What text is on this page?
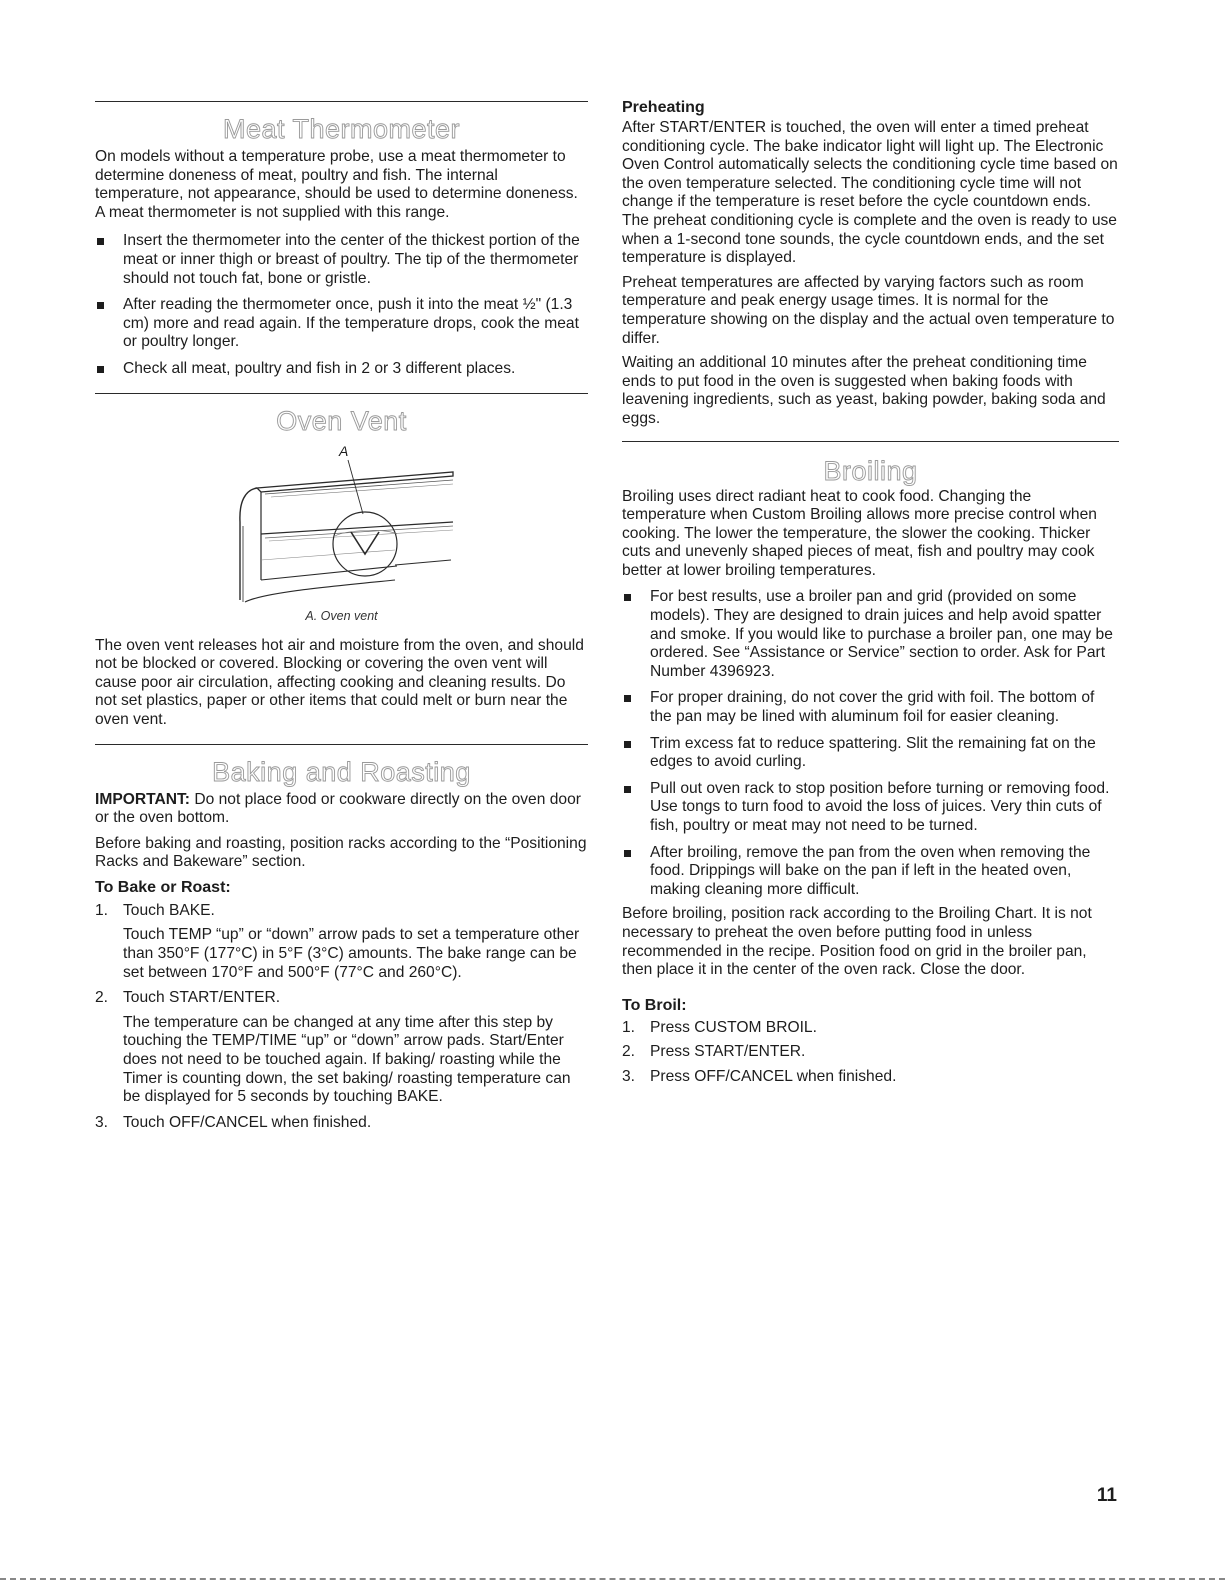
Meat Thermometer

On models without a temperature probe, use a meat thermometer to determine doneness of meat, poultry and fish. The internal temperature, not appearance, should be used to determine doneness. A meat thermometer is not supplied with this range.

Insert the thermometer into the center of the thickest portion of the meat or inner thigh or breast of poultry. The tip of the thermometer should not touch fat, bone or gristle.
After reading the thermometer once, push it into the meat ½" (1.3 cm) more and read again. If the temperature drops, cook the meat or poultry longer.
Check all meat, poultry and fish in 2 or 3 different places.
Oven Vent
A
A. Oven vent

The oven vent releases hot air and moisture from the oven, and should not be blocked or covered. Blocking or covering the oven vent will cause poor air circulation, affecting cooking and cleaning results. Do not set plastics, paper or other items that could melt or burn near the oven vent.

Baking and Roasting

IMPORTANT: Do not place food or cookware directly on the oven door or the oven bottom.

Before baking and roasting, position racks according to the “Positioning Racks and Bakeware” section.

To Bake or Roast:
1. Touch BAKE.
Touch TEMP “up” or “down” arrow pads to set a temperature other than 350°F (177°C) in 5°F (3°C) amounts. The bake range can be set between 170°F and 500°F (77°C and 260°C).
2. Touch START/ENTER.
The temperature can be changed at any time after this step by touching the TEMP/TIME “up” or “down” arrow pads. Start/Enter does not need to be touched again. If baking/ roasting while the Timer is counting down, the set baking/ roasting temperature can be displayed for 5 seconds by touching BAKE.
3. Touch OFF/CANCEL when finished.
Preheating

After START/ENTER is touched, the oven will enter a timed preheat conditioning cycle. The bake indicator light will light up. The Electronic Oven Control automatically selects the conditioning cycle time based on the oven temperature selected. The conditioning cycle time will not change if the temperature is reset before the cycle countdown ends. The preheat conditioning cycle is complete and the oven is ready to use when a 1-second tone sounds, the cycle countdown ends, and the set temperature is displayed.

Preheat temperatures are affected by varying factors such as room temperature and peak energy usage times. It is normal for the temperature showing on the display and the actual oven temperature to differ.

Waiting an additional 10 minutes after the preheat conditioning time ends to put food in the oven is suggested when baking foods with leavening ingredients, such as yeast, baking powder, baking soda and eggs.

Broiling

Broiling uses direct radiant heat to cook food. Changing the temperature when Custom Broiling allows more precise control when cooking. The lower the temperature, the slower the cooking. Thicker cuts and unevenly shaped pieces of meat, fish and poultry may cook better at lower broiling temperatures.

For best results, use a broiler pan and grid (provided on some models). They are designed to drain juices and help avoid spatter and smoke. If you would like to purchase a broiler pan, one may be ordered. See “Assistance or Service” section to order. Ask for Part Number 4396923.
For proper draining, do not cover the grid with foil. The bottom of the pan may be lined with aluminum foil for easier cleaning.
Trim excess fat to reduce spattering. Slit the remaining fat on the edges to avoid curling.
Pull out oven rack to stop position before turning or removing food. Use tongs to turn food to avoid the loss of juices. Very thin cuts of fish, poultry or meat may not need to be turned.
After broiling, remove the pan from the oven when removing the food. Drippings will bake on the pan if left in the heated oven, making cleaning more difficult.

Before broiling, position rack according to the Broiling Chart. It is not necessary to preheat the oven before putting food in unless recommended in the recipe. Position food on grid in the broiler pan, then place it in the center of the oven rack. Close the door.

To Broil:
1. Press CUSTOM BROIL.
2. Press START/ENTER.
3. Press OFF/CANCEL when finished.
11
